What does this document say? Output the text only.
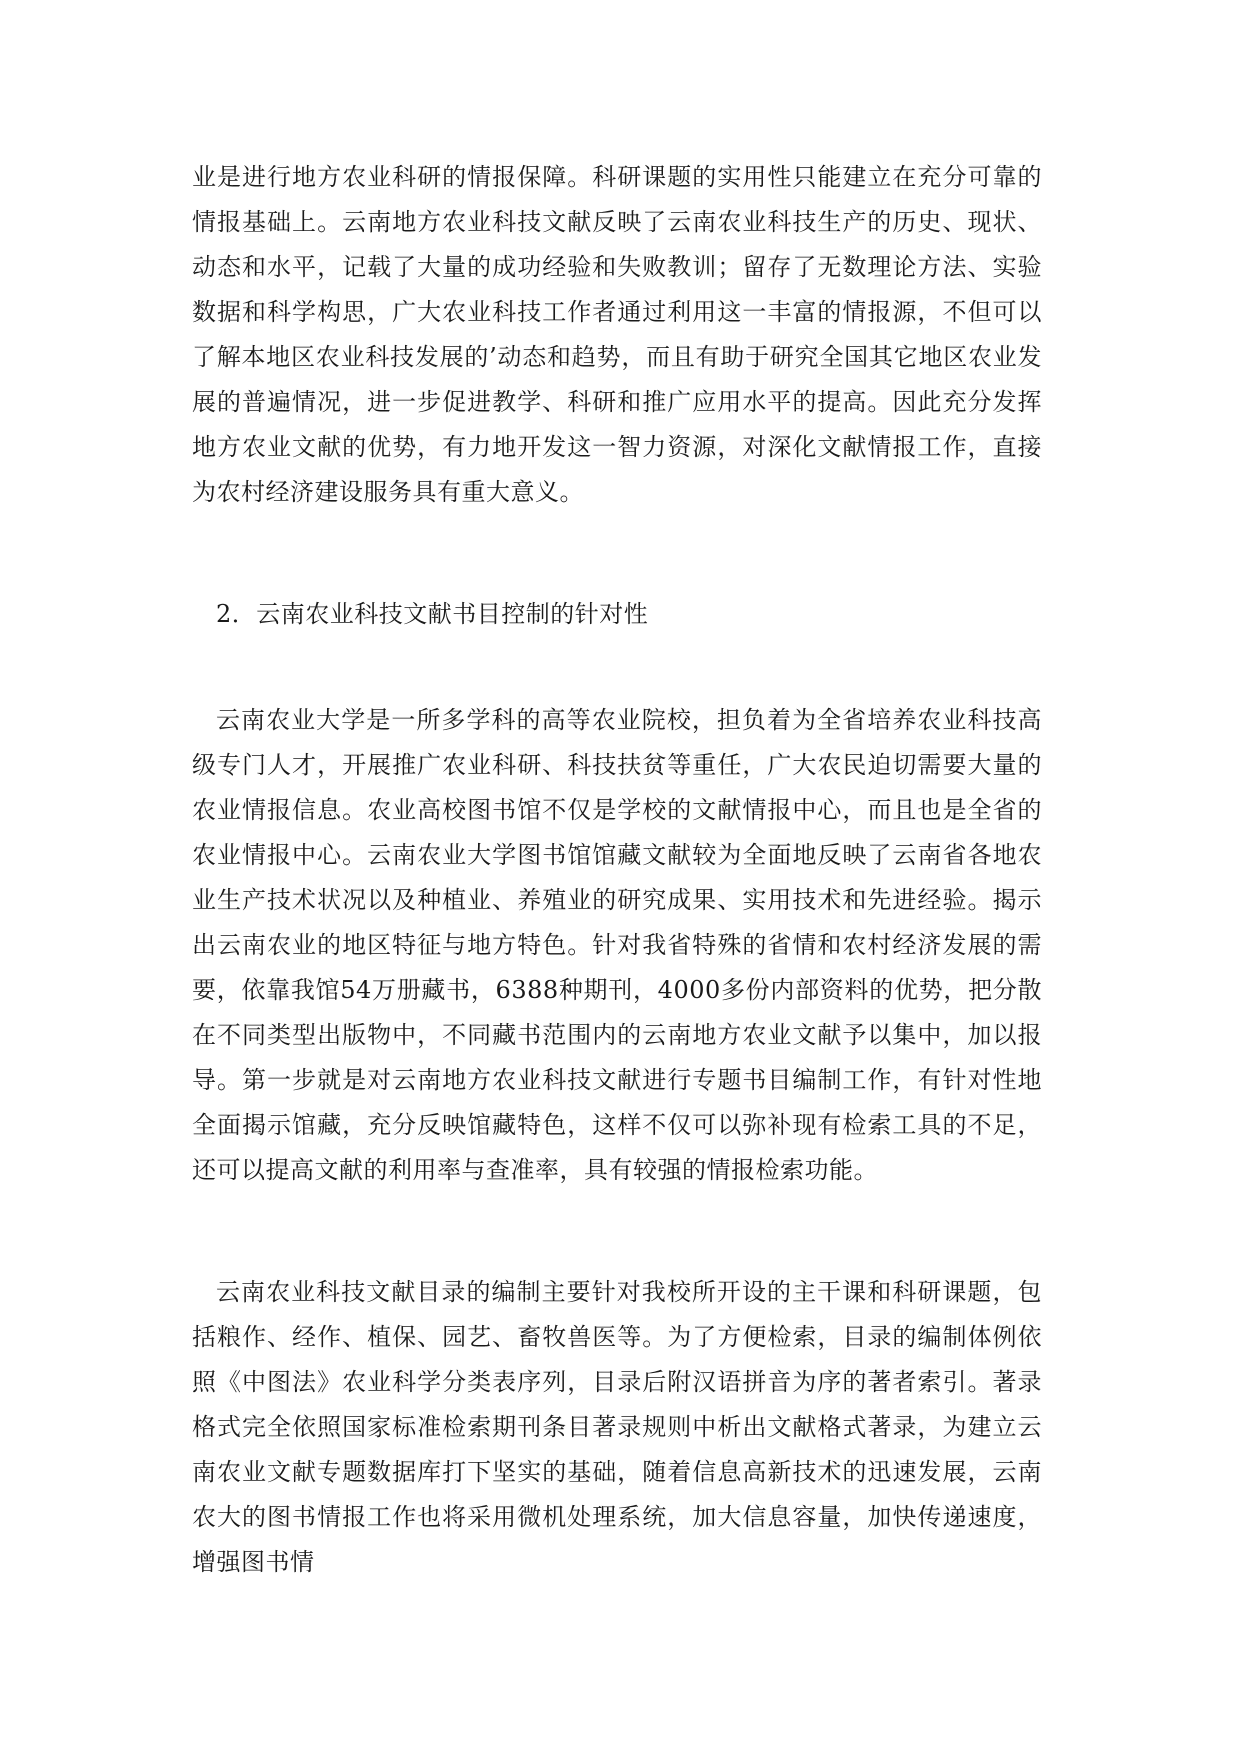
业是进行地方农业科研的情报保障。科研课题的实用性只能建立在充分可靠的情报基础上。云南地方农业科技文献反映了云南农业科技生产的历史、现状、动态和水平，记载了大量的成功经验和失败教训；留存了无数理论方法、实验数据和科学构思，广大农业科技工作者通过利用这一丰富的情报源，不但可以了解本地区农业科技发展的’动态和趋势，而且有助于研究全国其它地区农业发展的普遍情况，进一步促进教学、科研和推广应用水平的提高。因此充分发挥地方农业文献的优势，有力地开发这一智力资源，对深化文献情报工作，直接为农村经济建设服务具有重大意义。

2．云南农业科技文献书目控制的针对性

云南农业大学是一所多学科的高等农业院校，担负着为全省培养农业科技高级专门人才，开展推广农业科研、科技扶贫等重任，广大农民迫切需要大量的农业情报信息。农业高校图书馆不仅是学校的文献情报中心，而且也是全省的农业情报中心。云南农业大学图书馆馆藏文献较为全面地反映了云南省各地农业生产技术状况以及种植业、养殖业的研究成果、实用技术和先进经验。揭示出云南农业的地区特征与地方特色。针对我省特殊的省情和农村经济发展的需要，依靠我馆54万册藏书，6388种期刊，4000多份内部资料的优势，把分散在不同类型出版物中，不同藏书范围内的云南地方农业文献予以集中，加以报导。第一步就是对云南地方农业科技文献进行专题书目编制工作，有针对性地全面揭示馆藏，充分反映馆藏特色，这样不仅可以弥补现有检索工具的不足，还可以提高文献的利用率与查准率，具有较强的情报检索功能。

云南农业科技文献目录的编制主要针对我校所开设的主干课和科研课题，包括粮作、经作、植保、园艺、畜牧兽医等。为了方便检索，目录的编制体例依照《中图法》农业科学分类表序列，目录后附汉语拼音为序的著者索引。著录格式完全依照国家标准检索期刊条目著录规则中析出文献格式著录，为建立云南农业文献专题数据库打下坚实的基础，随着信息高新技术的迅速发展，云南农大的图书情报工作也将采用微机处理系统，加大信息容量，加快传递速度，增强图书情
